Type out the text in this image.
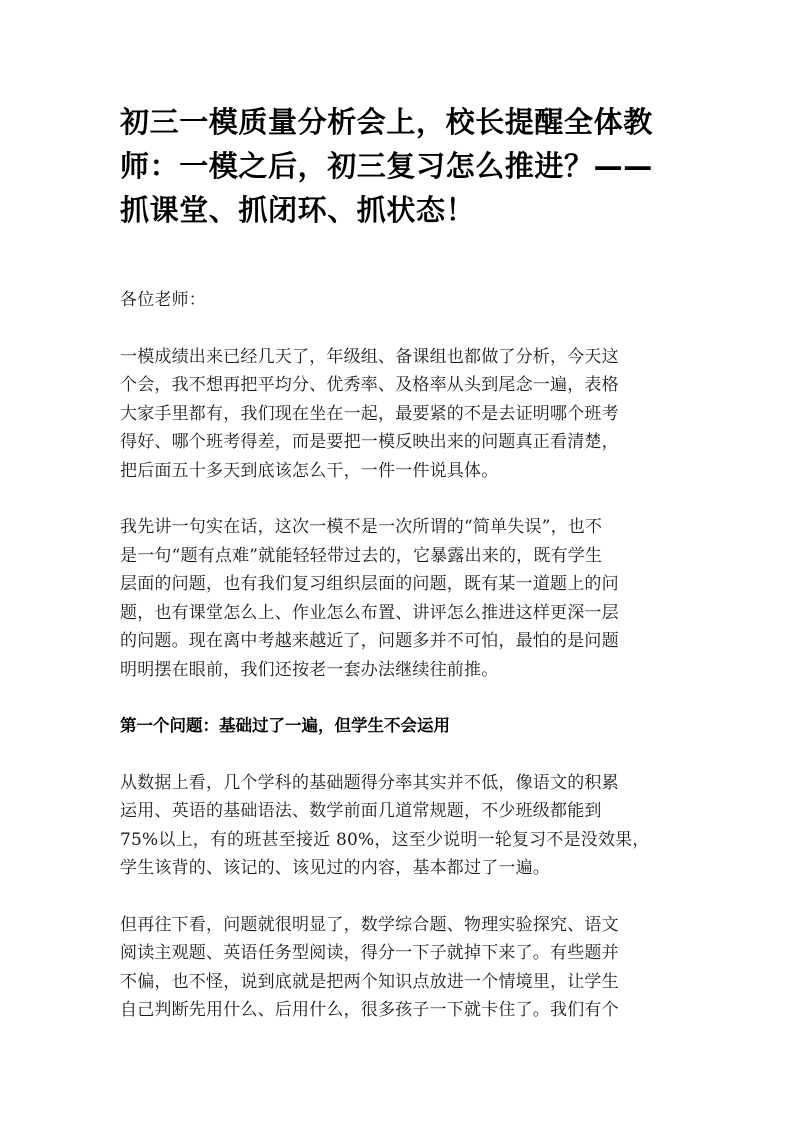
初三一模质量分析会上，校长提醒全体教
师：一模之后，初三复习怎么推进？——
抓课堂、抓闭环、抓状态！

各位老师：

一模成绩出来已经几天了，年级组、备课组也都做了分析，今天这
个会，我不想再把平均分、优秀率、及格率从头到尾念一遍，表格
大家手里都有，我们现在坐在一起，最要紧的不是去证明哪个班考
得好、哪个班考得差，而是要把一模反映出来的问题真正看清楚，
把后面五十多天到底该怎么干，一件一件说具体。

我先讲一句实在话，这次一模不是一次所谓的“简单失误”，也不
是一句“题有点难”就能轻轻带过去的，它暴露出来的，既有学生
层面的问题，也有我们复习组织层面的问题，既有某一道题上的问
题，也有课堂怎么上、作业怎么布置、讲评怎么推进这样更深一层
的问题。现在离中考越来越近了，问题多并不可怕，最怕的是问题
明明摆在眼前，我们还按老一套办法继续往前推。

第一个问题：基础过了一遍，但学生不会运用

从数据上看，几个学科的基础题得分率其实并不低，像语文的积累
运用、英语的基础语法、数学前面几道常规题，不少班级都能到
75%以上，有的班甚至接近 80%，这至少说明一轮复习不是没效果，
学生该背的、该记的、该见过的内容，基本都过了一遍。

但再往下看，问题就很明显了，数学综合题、物理实验探究、语文
阅读主观题、英语任务型阅读，得分一下子就掉下来了。有些题并
不偏，也不怪，说到底就是把两个知识点放进一个情境里，让学生
自己判断先用什么、后用什么，很多孩子一下就卡住了。我们有个
